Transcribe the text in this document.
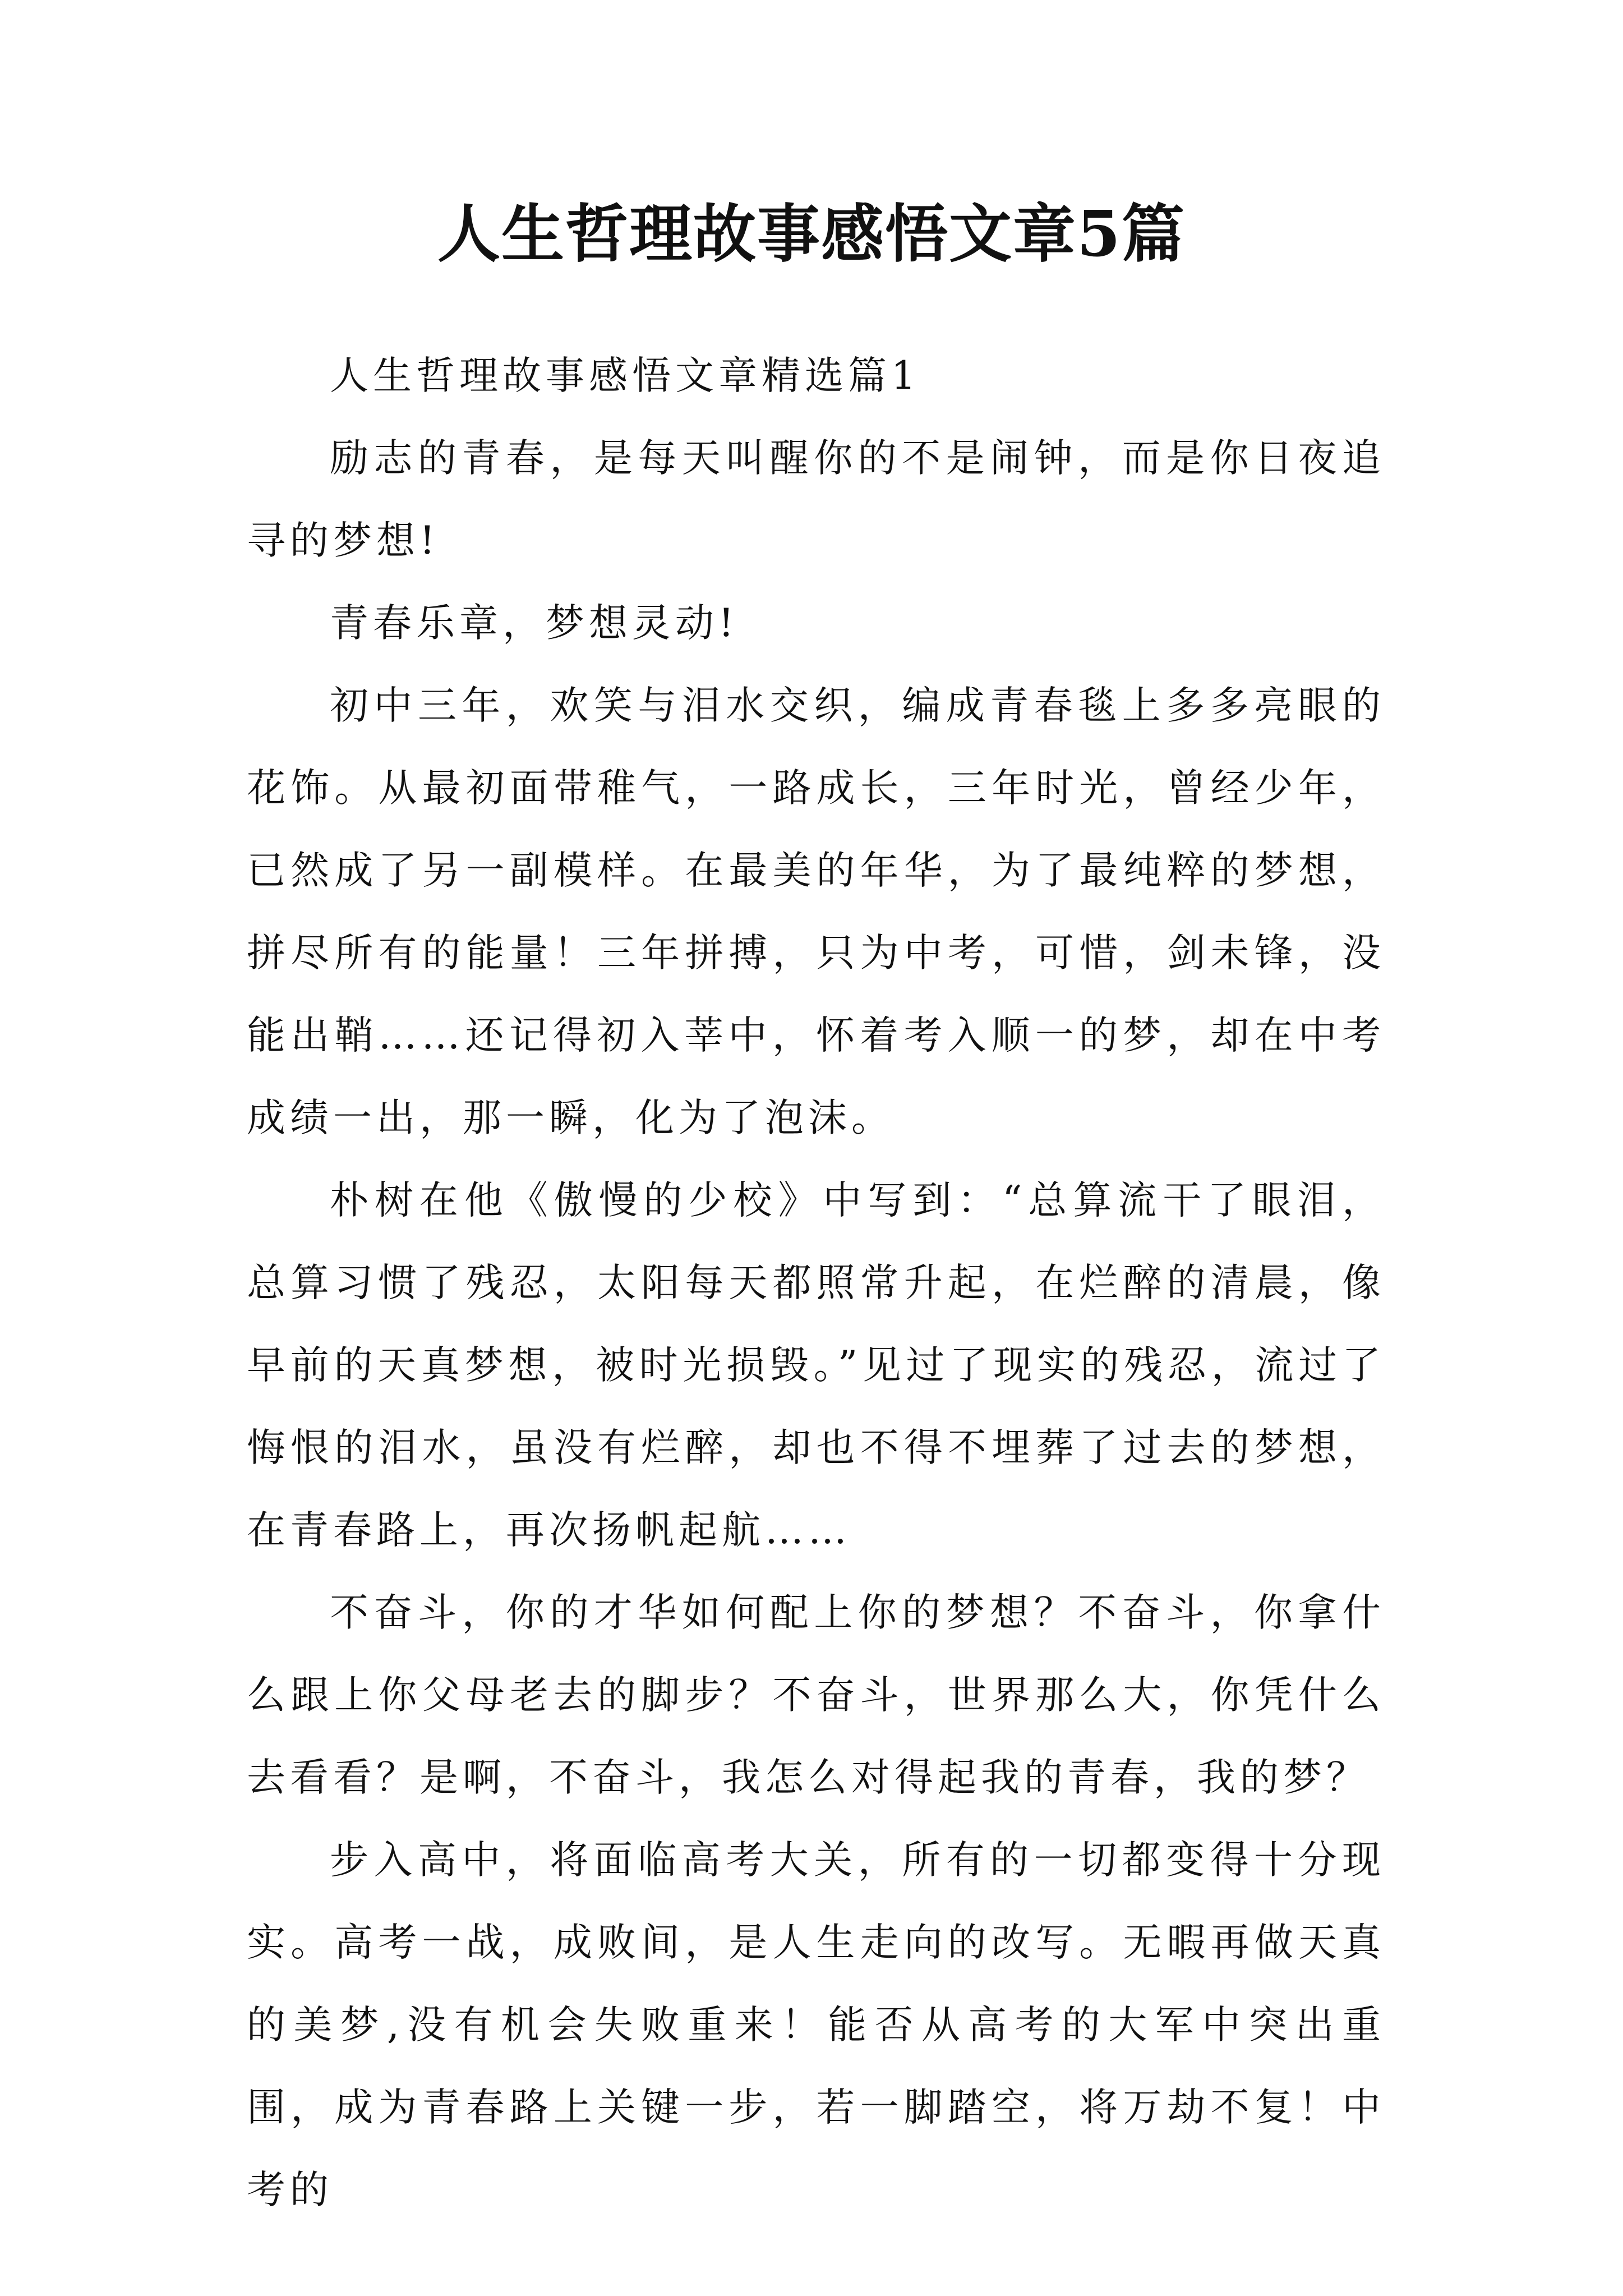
人生哲理故事感悟文章5篇

人生哲理故事感悟文章精选篇1

励志的青春，是每天叫醒你的不是闹钟，而是你日夜追寻的梦想!

青春乐章，梦想灵动!

初中三年，欢笑与泪水交织，编成青春毯上多多亮眼的花饰。从最初面带稚气，一路成长，三年时光，曾经少年，已然成了另一副模样。在最美的年华，为了最纯粹的梦想，拼尽所有的能量！三年拼搏，只为中考，可惜，剑未锋，没能出鞘……还记得初入莘中，怀着考入顺一的梦，却在中考成绩一出，那一瞬，化为了泡沫。

朴树在他《傲慢的少校》中写到：“总算流干了眼泪，总算习惯了残忍，太阳每天都照常升起，在烂醉的清晨，像早前的天真梦想，被时光损毁。”见过了现实的残忍，流过了悔恨的泪水，虽没有烂醉，却也不得不埋葬了过去的梦想，在青春路上，再次扬帆起航……

不奋斗，你的才华如何配上你的梦想？不奋斗，你拿什么跟上你父母老去的脚步？不奋斗，世界那么大，你凭什么去看看？是啊，不奋斗，我怎么对得起我的青春，我的梦？

步入高中，将面临高考大关，所有的一切都变得十分现实。高考一战，成败间，是人生走向的改写。无暇再做天真的美梦,没有机会失败重来！能否从高考的大军中突出重围，成为青春路上关键一步，若一脚踏空，将万劫不复！中考的
